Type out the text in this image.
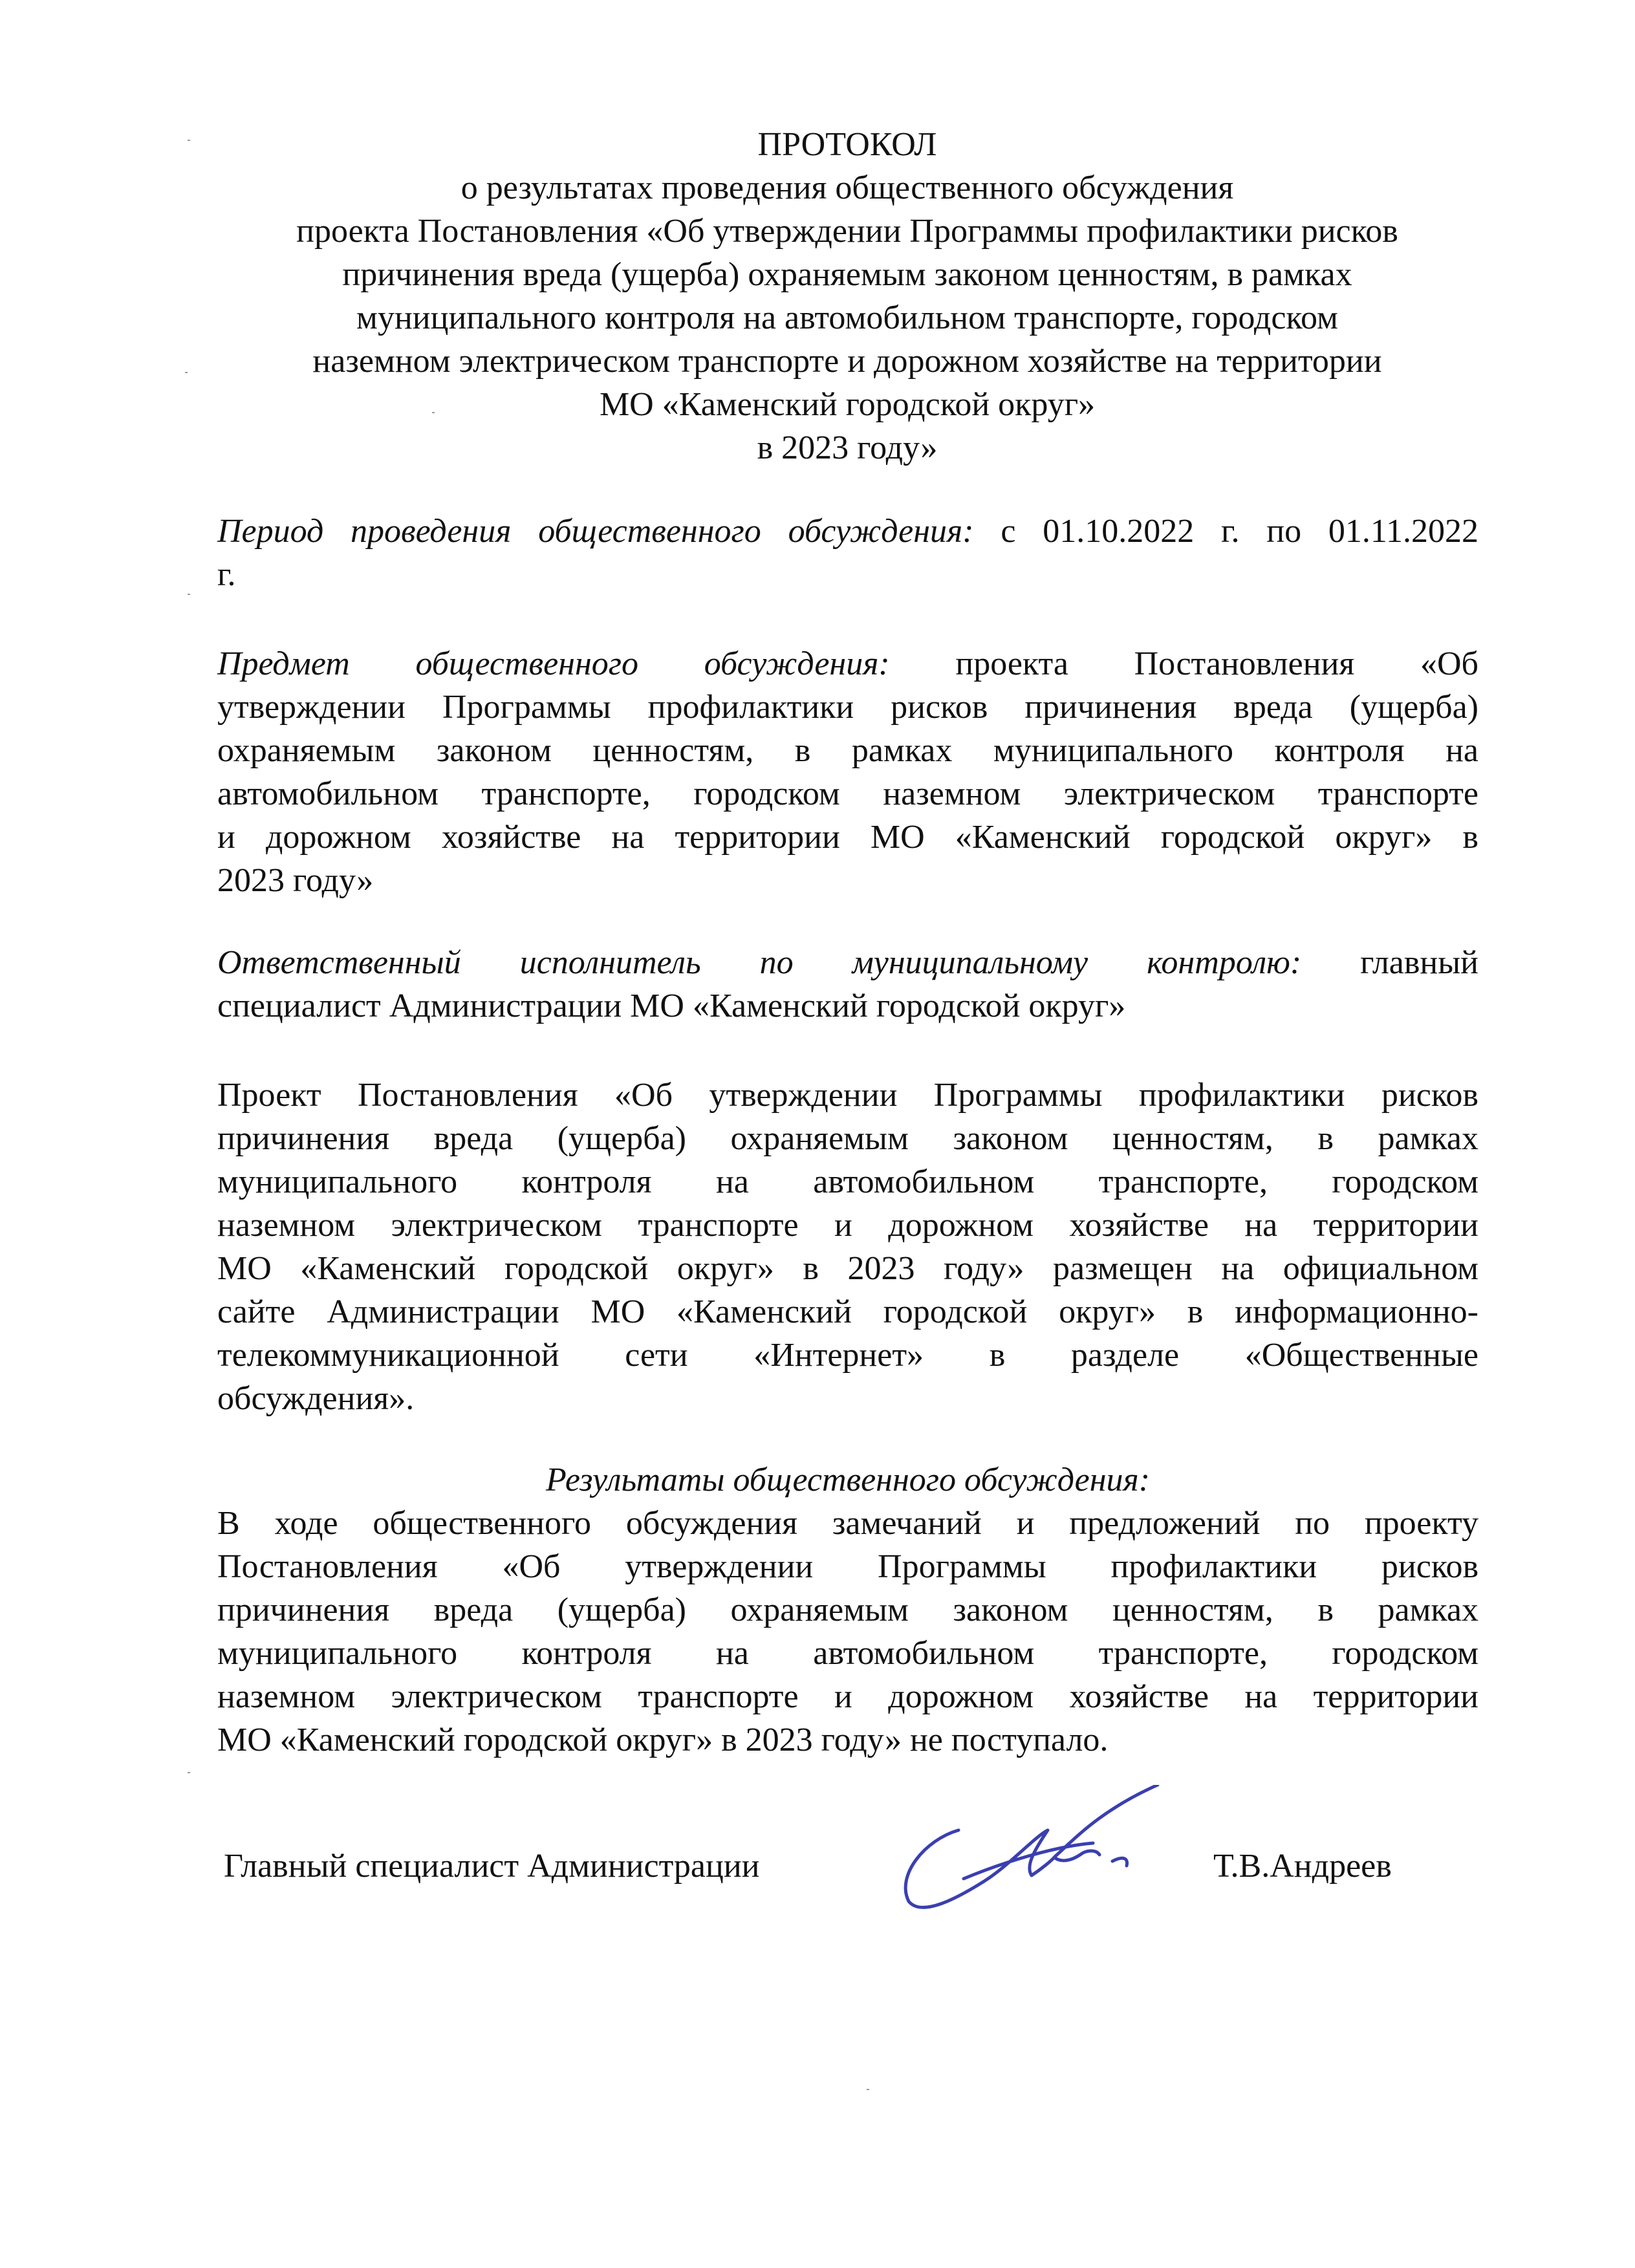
ПРОТОКОЛ
о результатах проведения общественного обсуждения
проекта Постановления «Об утверждении Программы профилактики рисков
причинения вреда (ущерба) охраняемым законом ценностям, в рамках
муниципального контроля на автомобильном транспорте, городском
наземном электрическом транспорте и дорожном хозяйстве на территории
МО «Каменский городской округ»
в 2023 году»
Период проведения общественного обсуждения: с 01.10.2022 г. по 01.11.2022
г.
Предмет общественного обсуждения: проекта Постановления «Об
утверждении Программы профилактики рисков причинения вреда (ущерба)
охраняемым законом ценностям, в рамках муниципального контроля на
автомобильном транспорте, городском наземном электрическом транспорте
и дорожном хозяйстве на территории МО «Каменский городской округ» в
2023 году»
Ответственный исполнитель по муниципальному контролю: главный
специалист Администрации МО «Каменский городской округ»
Проект Постановления «Об утверждении Программы профилактики рисков
причинения вреда (ущерба) охраняемым законом ценностям, в рамках
муниципального контроля на автомобильном транспорте, городском
наземном электрическом транспорте и дорожном хозяйстве на территории
МО «Каменский городской округ» в 2023 году» размещен на официальном
сайте Администрации МО «Каменский городской округ» в информационно-
телекоммуникационной сети «Интернет» в разделе «Общественные
обсуждения».
Результаты общественного обсуждения:
В ходе общественного обсуждения замечаний и предложений по проекту
Постановления «Об утверждении Программы профилактики рисков
причинения вреда (ущерба) охраняемым законом ценностям, в рамках
муниципального контроля на автомобильном транспорте, городском
наземном электрическом транспорте и дорожном хозяйстве на территории
МО «Каменский городской округ» в 2023 году» не поступало.
Главный специалист Администрации	Т.В.Андреев
